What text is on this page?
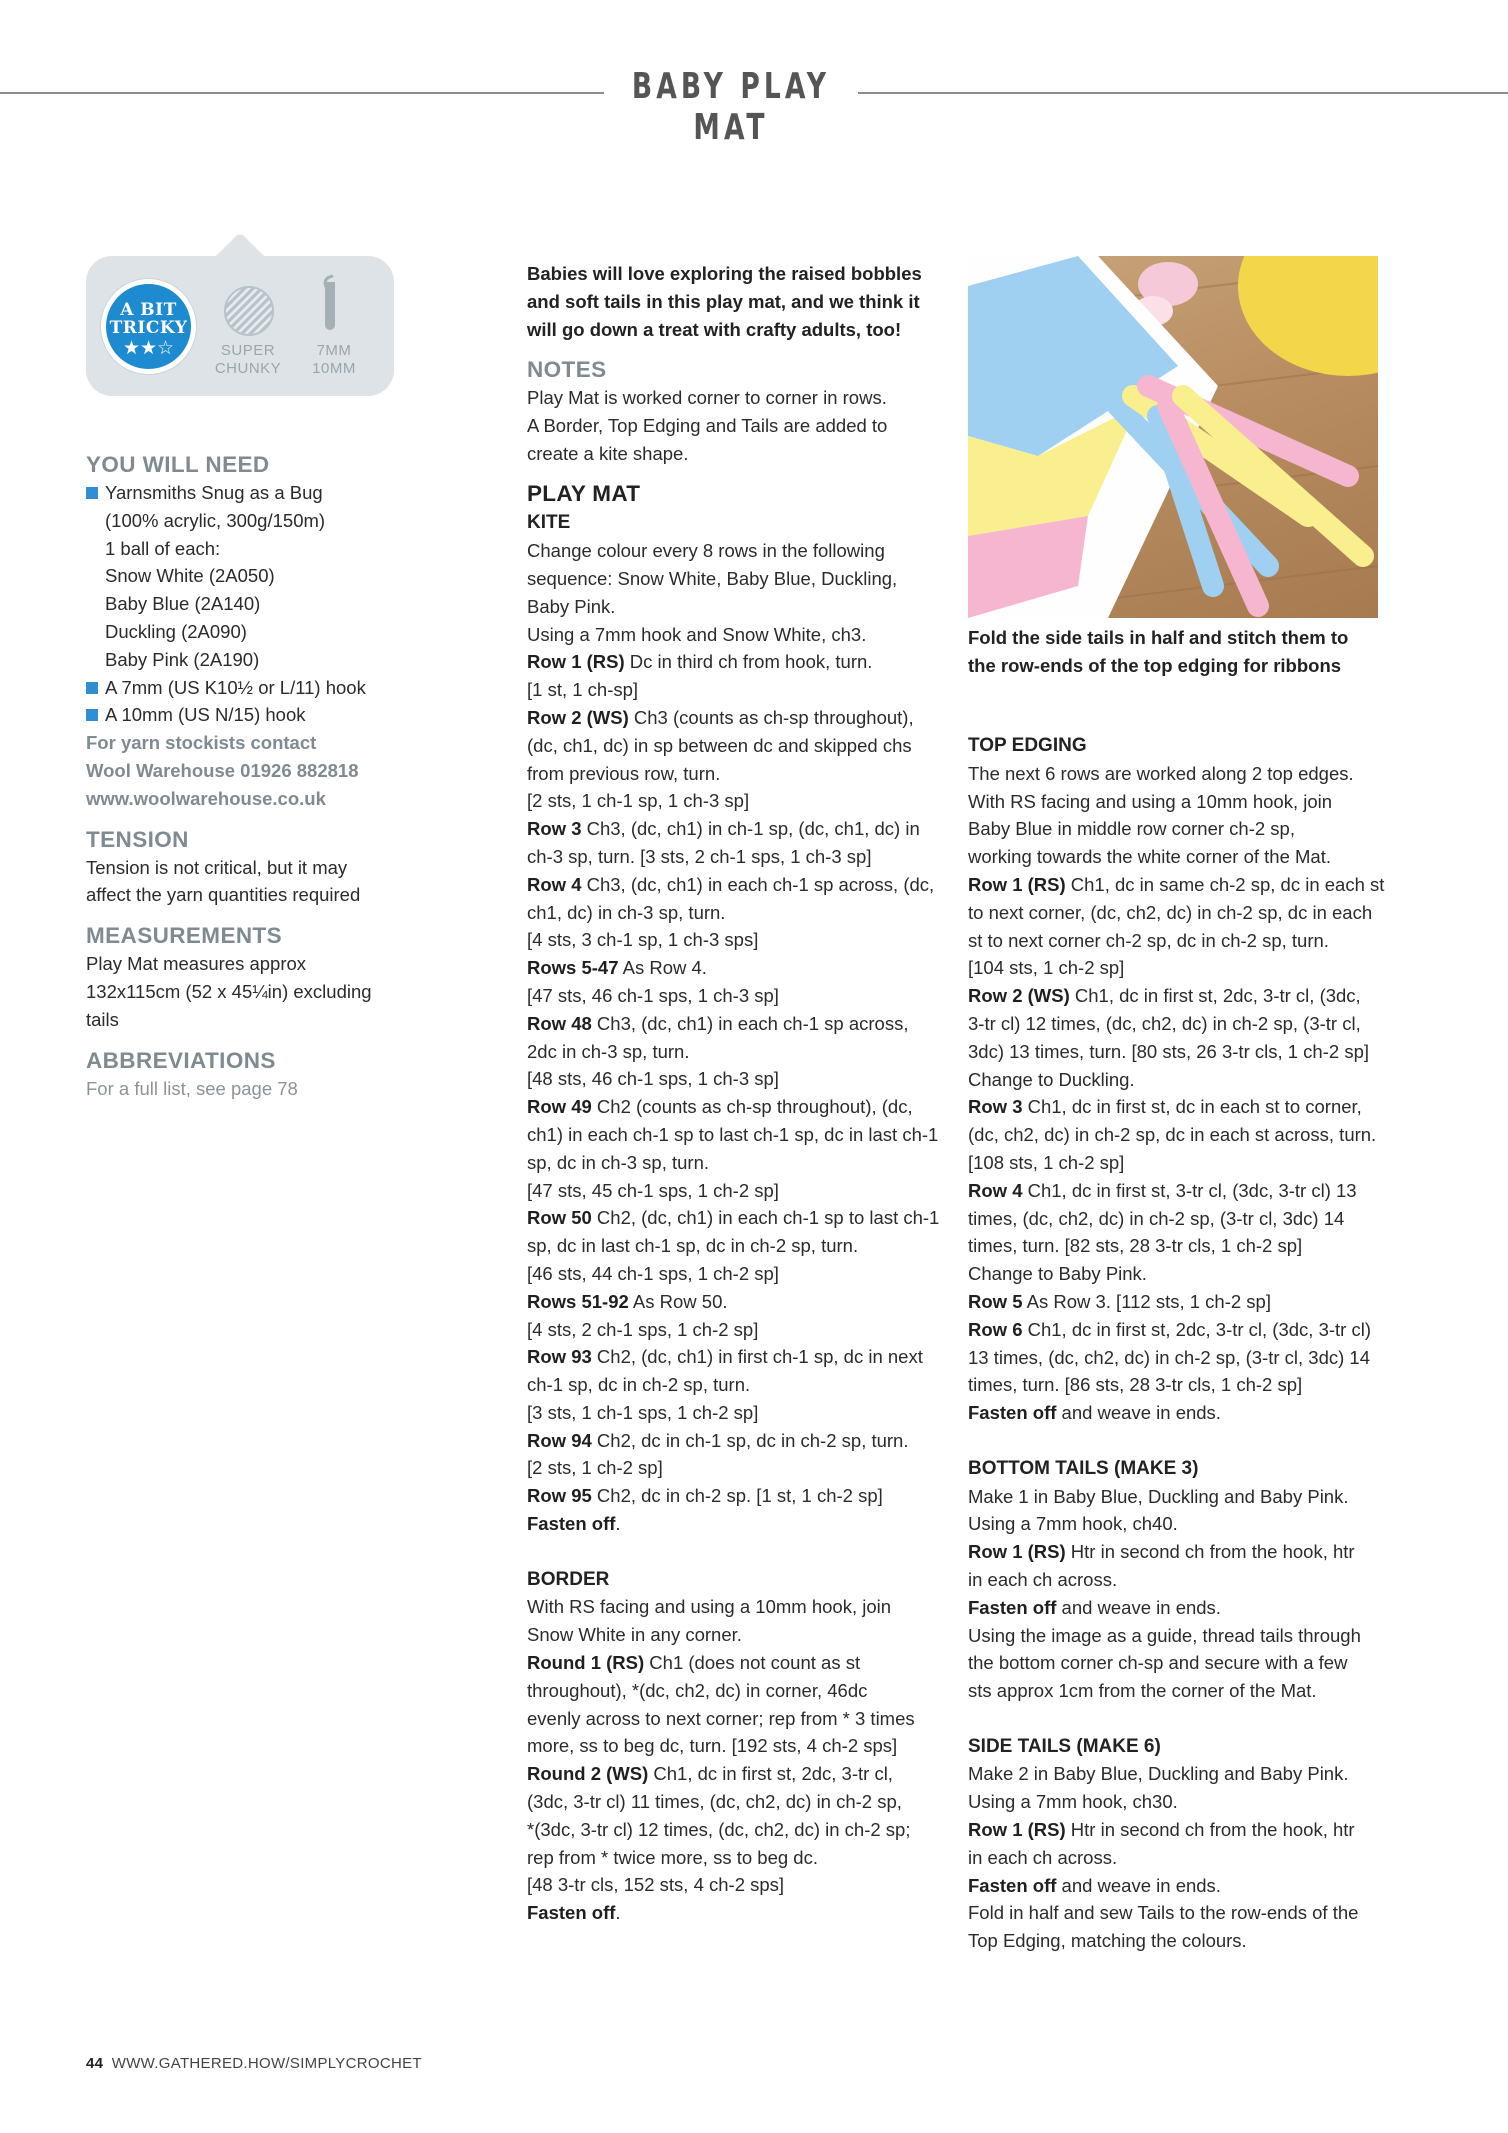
BABY PLAY MAT
A BIT TRICKY
★★☆	SUPER
CHUNKY
7MM
10MM

YOU WILL NEED

Yarnsmiths Snug as a Bug

(100% acrylic, 300g/150m)

1 ball of each:

Snow White (2A050)

Baby Blue (2A140)

Duckling (2A090)

Baby Pink (2A190)

A 7mm (US K10½ or L/11) hook

A 10mm (US N/15) hook

For yarn stockists contact

Wool Warehouse 01926 882818

www.woolwarehouse.co.uk

TENSION

Tension is not critical, but it may

affect the yarn quantities required

MEASUREMENTS

Play Mat measures approx

132x115cm (52 x 45¼in) excluding

tails

ABBREVIATIONS

For a full list, see page 78

Babies will love exploring the raised bobbles

and soft tails in this play mat, and we think it

will go down a treat with crafty adults, too!

NOTES

Play Mat is worked corner to corner in rows.

A Border, Top Edging and Tails are added to

create a kite shape.

PLAY MAT

KITE

Change colour every 8 rows in the following

sequence: Snow White, Baby Blue, Duckling,

Baby Pink.

Using a 7mm hook and Snow White, ch3.

Row 1 (RS) Dc in third ch from hook, turn.

[1 st, 1 ch-sp]

Row 2 (WS) Ch3 (counts as ch-sp throughout),

(dc, ch1, dc) in sp between dc and skipped chs

from previous row, turn.

[2 sts, 1 ch-1 sp, 1 ch-3 sp]

Row 3 Ch3, (dc, ch1) in ch-1 sp, (dc, ch1, dc) in

ch-3 sp, turn. [3 sts, 2 ch-1 sps, 1 ch-3 sp]

Row 4 Ch3, (dc, ch1) in each ch-1 sp across, (dc,

ch1, dc) in ch-3 sp, turn.

[4 sts, 3 ch-1 sp, 1 ch-3 sps]

Rows 5-47 As Row 4.

[47 sts, 46 ch-1 sps, 1 ch-3 sp]

Row 48 Ch3, (dc, ch1) in each ch-1 sp across,

2dc in ch-3 sp, turn.

[48 sts, 46 ch-1 sps, 1 ch-3 sp]

Row 49 Ch2 (counts as ch-sp throughout), (dc,

ch1) in each ch-1 sp to last ch-1 sp, dc in last ch-1

sp, dc in ch-3 sp, turn.

[47 sts, 45 ch-1 sps, 1 ch-2 sp]

Row 50 Ch2, (dc, ch1) in each ch-1 sp to last ch-1

sp, dc in last ch-1 sp, dc in ch-2 sp, turn.

[46 sts, 44 ch-1 sps, 1 ch-2 sp]

Rows 51-92 As Row 50.

[4 sts, 2 ch-1 sps, 1 ch-2 sp]

Row 93 Ch2, (dc, ch1) in first ch-1 sp, dc in next

ch-1 sp, dc in ch-2 sp, turn.

[3 sts, 1 ch-1 sps, 1 ch-2 sp]

Row 94 Ch2, dc in ch-1 sp, dc in ch-2 sp, turn.

[2 sts, 1 ch-2 sp]

Row 95 Ch2, dc in ch-2 sp. [1 st, 1 ch-2 sp]

Fasten off.

BORDER

With RS facing and using a 10mm hook, join

Snow White in any corner.

Round 1 (RS) Ch1 (does not count as st

throughout), *(dc, ch2, dc) in corner, 46dc

evenly across to next corner; rep from * 3 times

more, ss to beg dc, turn. [192 sts, 4 ch-2 sps]

Round 2 (WS) Ch1, dc in first st, 2dc, 3-tr cl,

(3dc, 3-tr cl) 11 times, (dc, ch2, dc) in ch-2 sp,

*(3dc, 3-tr cl) 12 times, (dc, ch2, dc) in ch-2 sp;

rep from * twice more, ss to beg dc.

[48 3-tr cls, 152 sts, 4 ch-2 sps]

Fasten off.

Fold the side tails in half and stitch them to
the row-ends of the top edging for ribbons

TOP EDGING

The next 6 rows are worked along 2 top edges.

With RS facing and using a 10mm hook, join

Baby Blue in middle row corner ch-2 sp,

working towards the white corner of the Mat.

Row 1 (RS) Ch1, dc in same ch-2 sp, dc in each st

to next corner, (dc, ch2, dc) in ch-2 sp, dc in each

st to next corner ch-2 sp, dc in ch-2 sp, turn.

[104 sts, 1 ch-2 sp]

Row 2 (WS) Ch1, dc in first st, 2dc, 3-tr cl, (3dc,

3-tr cl) 12 times, (dc, ch2, dc) in ch-2 sp, (3-tr cl,

3dc) 13 times, turn. [80 sts, 26 3-tr cls, 1 ch-2 sp]

Change to Duckling.

Row 3 Ch1, dc in first st, dc in each st to corner,

(dc, ch2, dc) in ch-2 sp, dc in each st across, turn.

[108 sts, 1 ch-2 sp]

Row 4 Ch1, dc in first st, 3-tr cl, (3dc, 3-tr cl) 13

times, (dc, ch2, dc) in ch-2 sp, (3-tr cl, 3dc) 14

times, turn. [82 sts, 28 3-tr cls, 1 ch-2 sp]

Change to Baby Pink.

Row 5 As Row 3. [112 sts, 1 ch-2 sp]

Row 6 Ch1, dc in first st, 2dc, 3-tr cl, (3dc, 3-tr cl)

13 times, (dc, ch2, dc) in ch-2 sp, (3-tr cl, 3dc) 14

times, turn. [86 sts, 28 3-tr cls, 1 ch-2 sp]

Fasten off and weave in ends.

BOTTOM TAILS (MAKE 3)

Make 1 in Baby Blue, Duckling and Baby Pink.

Using a 7mm hook, ch40.

Row 1 (RS) Htr in second ch from the hook, htr

in each ch across.

Fasten off and weave in ends.

Using the image as a guide, thread tails through

the bottom corner ch-sp and secure with a few

sts approx 1cm from the corner of the Mat.

SIDE TAILS (MAKE 6)

Make 2 in Baby Blue, Duckling and Baby Pink.

Using a 7mm hook, ch30.

Row 1 (RS) Htr in second ch from the hook, htr

in each ch across.

Fasten off and weave in ends.

Fold in half and sew Tails to the row-ends of the

Top Edging, matching the colours.

44 WWW.GATHERED.HOW/SIMPLYCROCHET
